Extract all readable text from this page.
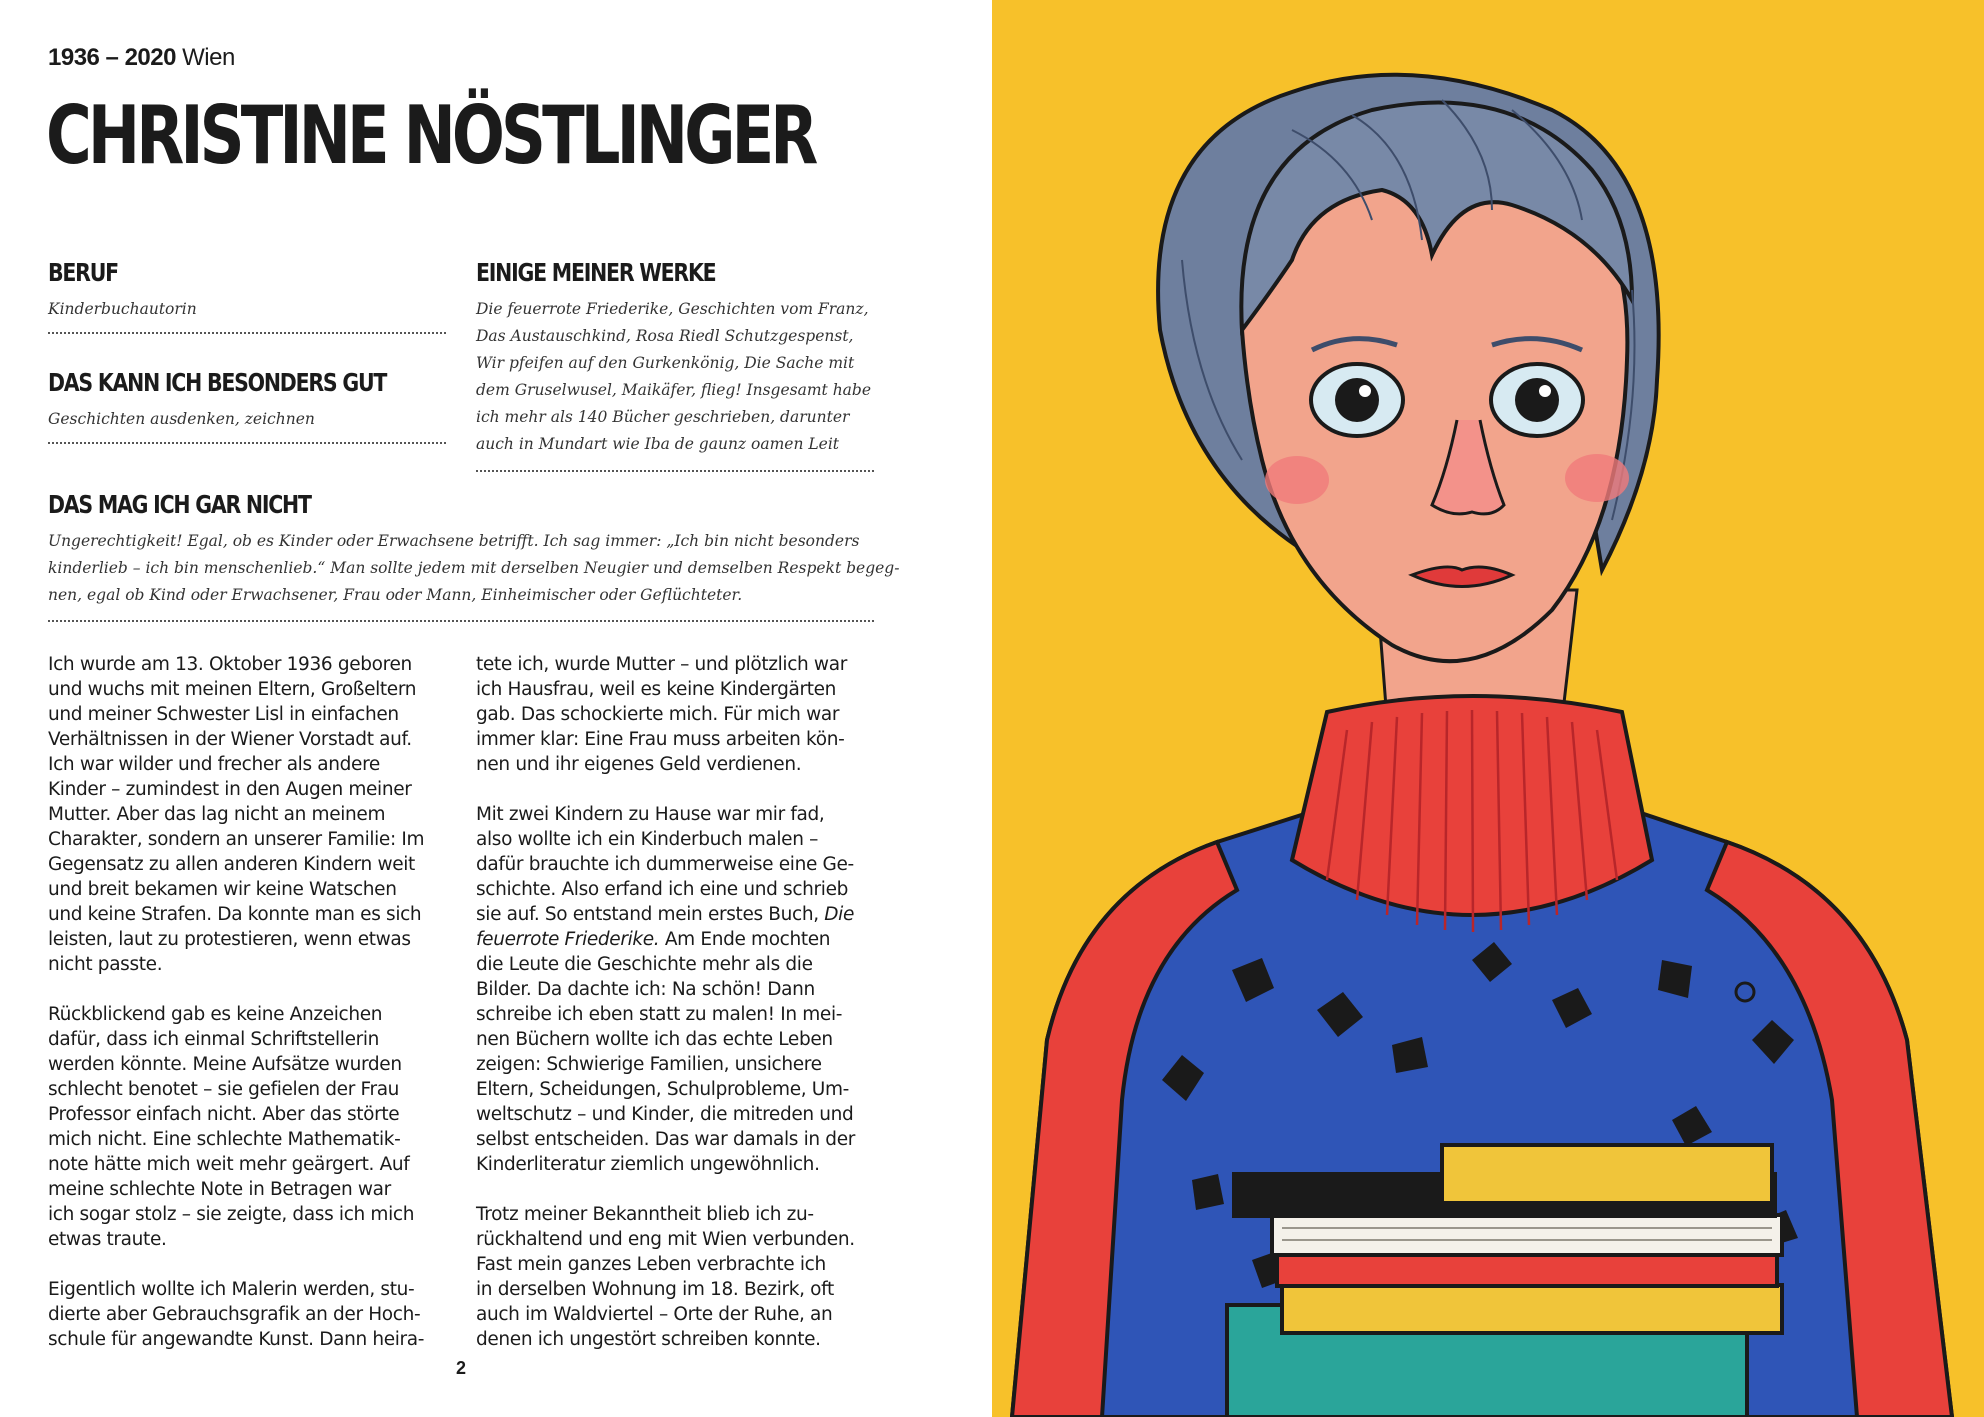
1936 – 2020 Wien
CHRISTINE NÖSTLINGER
BERUF
Kinderbuchautorin
DAS KANN ICH BESONDERS GUT
Geschichten ausdenken, zeichnen
EINIGE MEINER WERKE
Die feuerrote Friederike, Geschichten vom Franz,
Das Austauschkind, Rosa Riedl Schutzgespenst,
Wir pfeifen auf den Gurkenkönig, Die Sache mit
dem Gruselwusel, Maikäfer, flieg! Insgesamt habe
ich mehr als 140 Bücher geschrieben, darunter
auch in Mundart wie Iba de gaunz oamen Leit
DAS MAG ICH GAR NICHT
Ungerechtigkeit! Egal, ob es Kinder oder Erwachsene betrifft. Ich sag immer: „Ich bin nicht besonders
kinderlieb – ich bin menschenlieb.“ Man sollte jedem mit derselben Neugier und demselben Respekt begeg-
nen, egal ob Kind oder Erwachsener, Frau oder Mann, Einheimischer oder Geflüchteter.

Ich wurde am 13. Oktober 1936 geboren
und wuchs mit meinen Eltern, Großeltern
und meiner Schwester Lisl in einfachen
Verhältnissen in der Wiener Vorstadt auf.
Ich war wilder und frecher als andere
Kinder – zumindest in den Augen meiner
Mutter. Aber das lag nicht an meinem
Charakter, sondern an unserer Familie: Im
Gegensatz zu allen anderen Kindern weit
und breit bekamen wir keine Watschen
und keine Strafen. Da konnte man es sich
leisten, laut zu protestieren, wenn etwas
nicht passte.

Rückblickend gab es keine Anzeichen
dafür, dass ich einmal Schriftstellerin
werden könnte. Meine Aufsätze wurden
schlecht benotet – sie gefielen der Frau
Professor einfach nicht. Aber das störte
mich nicht. Eine schlechte Mathematik-
note hätte mich weit mehr geärgert. Auf
meine schlechte Note in Betragen war
ich sogar stolz – sie zeigte, dass ich mich
etwas traute.

Eigentlich wollte ich Malerin werden, stu-
dierte aber Gebrauchsgrafik an der Hoch-
schule für angewandte Kunst. Dann heira-

tete ich, wurde Mutter – und plötzlich war
ich Hausfrau, weil es keine Kindergärten
gab. Das schockierte mich. Für mich war
immer klar: Eine Frau muss arbeiten kön-
nen und ihr eigenes Geld verdienen.

Mit zwei Kindern zu Hause war mir fad,
also wollte ich ein Kinderbuch malen –
dafür brauchte ich dummerweise eine Ge-
schichte. Also erfand ich eine und schrieb
sie auf. So entstand mein erstes Buch, Die
feuerrote Friederike. Am Ende mochten
die Leute die Geschichte mehr als die
Bilder. Da dachte ich: Na schön! Dann
schreibe ich eben statt zu malen! In mei-
nen Büchern wollte ich das echte Leben
zeigen: Schwierige Familien, unsichere
Eltern, Scheidungen, Schulprobleme, Um-
weltschutz – und Kinder, die mitreden und
selbst entscheiden. Das war damals in der
Kinderliteratur ziemlich ungewöhnlich.

Trotz meiner Bekanntheit blieb ich zu-
rückhaltend und eng mit Wien verbunden.
Fast mein ganzes Leben verbrachte ich
in derselben Wohnung im 18. Bezirk, oft
auch im Waldviertel – Orte der Ruhe, an
denen ich ungestört schreiben konnte.

2
